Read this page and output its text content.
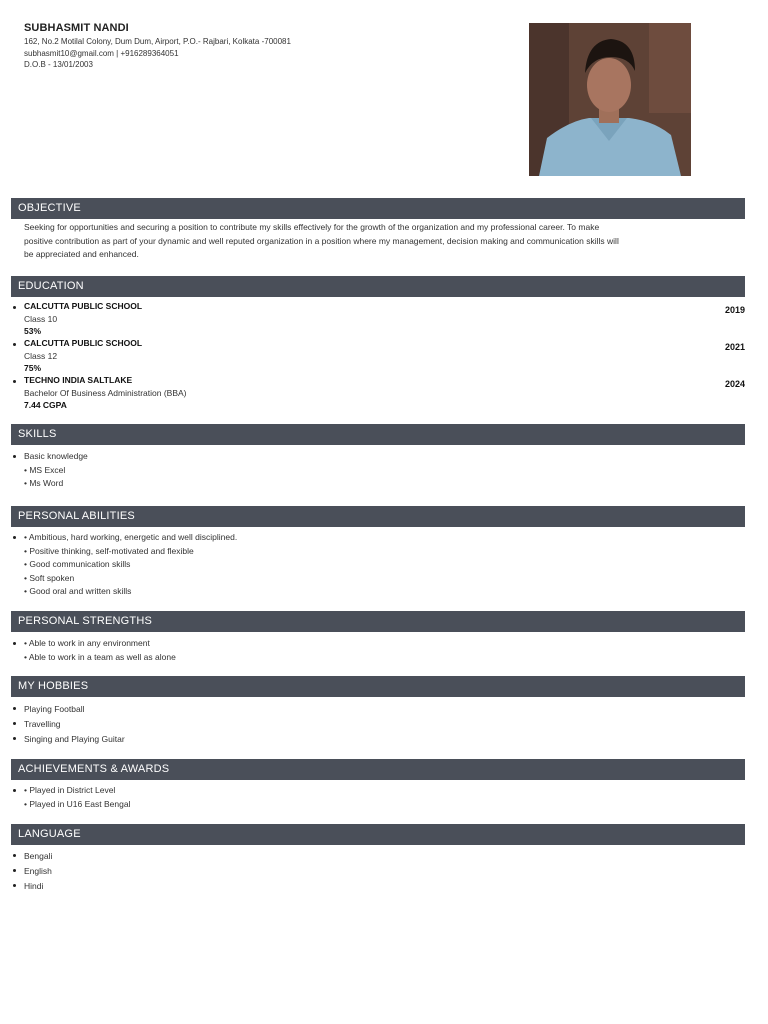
SUBHASMIT NANDI
162, No.2 Motilal Colony, Dum Dum, Airport, P.O.- Rajbari, Kolkata -700081
subhasmit10@gmail.com | +916289364051
D.O.B - 13/01/2003
OBJECTIVE
Seeking for opportunities and securing a position to contribute my skills effectively for the growth of the organization and my professional career. To make
positive contribution as part of your dynamic and well reputed organization in a position where my management, decision making and communication skills will
be appreciated and enhanced.
EDUCATION
CALCUTTA PUBLIC SCHOOL
Class 10
53%
2019
CALCUTTA PUBLIC SCHOOL
Class 12
75%
2021
TECHNO INDIA SALTLAKE
Bachelor Of Business Administration (BBA)
7.44 CGPA
2024
SKILLS
Basic knowledge
• MS Excel
• Ms Word
PERSONAL ABILITIES
• Ambitious, hard working, energetic and well disciplined.
• Positive thinking, self-motivated and flexible
• Good communication skills
• Soft spoken
• Good oral and written skills
PERSONAL STRENGTHS
• Able to work in any environment
• Able to work in a team as well as alone
MY HOBBIES
Playing Football
Travelling
Singing and Playing Guitar
ACHIEVEMENTS & AWARDS
• Played in District Level
• Played in U16 East Bengal
LANGUAGE
Bengali
English
Hindi
